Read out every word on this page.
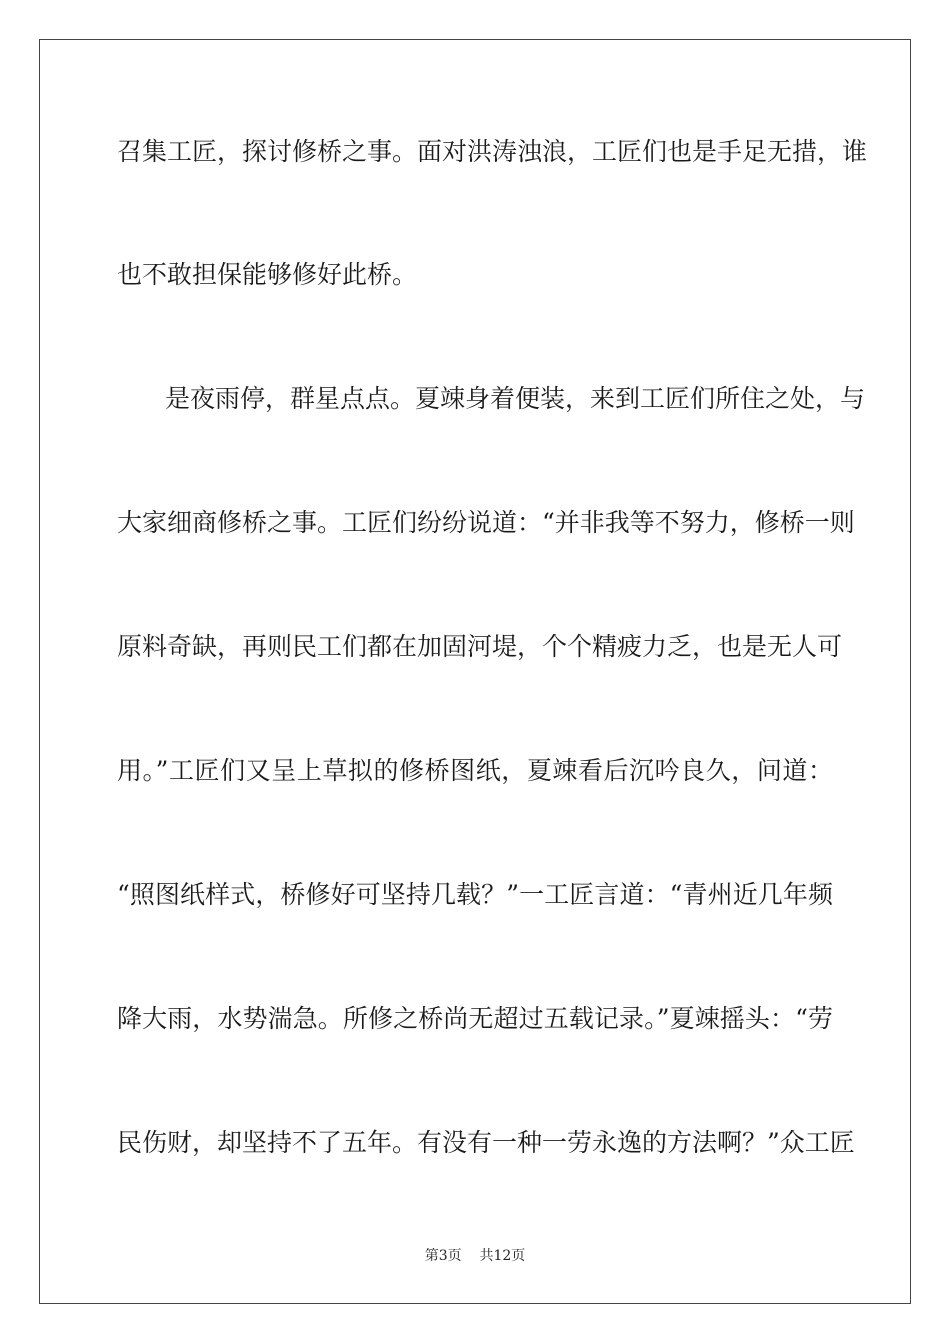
召集工匠，探讨修桥之事。面对洪涛浊浪，工匠们也是手足无措，谁
也不敢担保能够修好此桥。
是夜雨停，群星点点。夏竦身着便装，来到工匠们所住之处，与
大家细商修桥之事。工匠们纷纷说道：“并非我等不努力，修桥一则
原料奇缺，再则民工们都在加固河堤，个个精疲力乏，也是无人可
用。”工匠们又呈上草拟的修桥图纸，夏竦看后沉吟良久，问道：
“照图纸样式，桥修好可坚持几载？”一工匠言道：“青州近几年频
降大雨，水势湍急。所修之桥尚无超过五载记录。”夏竦摇头：“劳
民伤财，却坚持不了五年。有没有一种一劳永逸的方法啊？”众工匠
第3页 共12页
